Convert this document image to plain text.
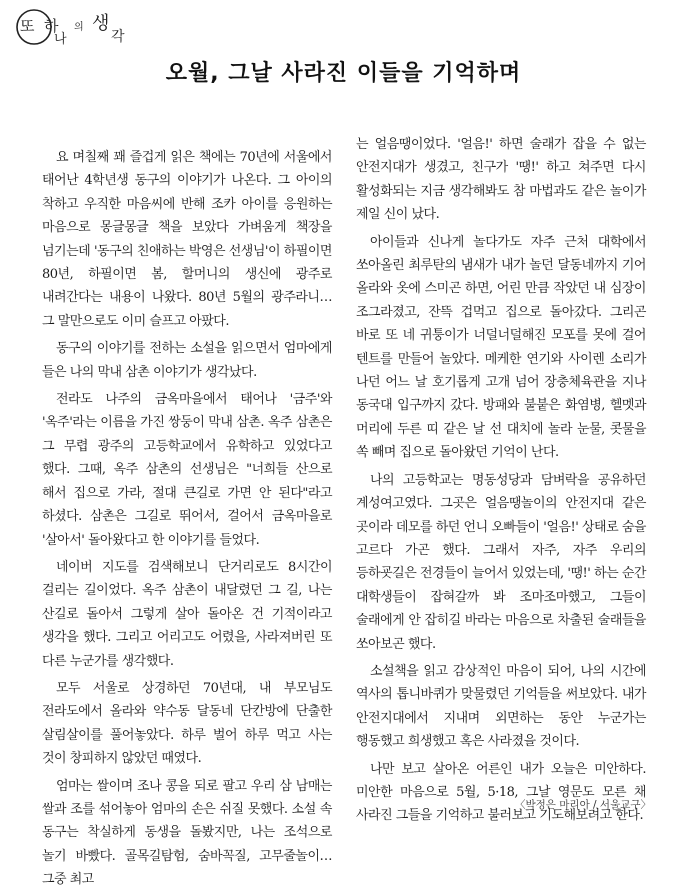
또 하
나
의 생
각
오월, 그날 사라진 이들을 기억하며

요 며칠째 꽤 즐겁게 읽은 책에는 70년에 서울에서 태어난 4학년생 동구의 이야기가 나온다. 그 아이의 착하고 우직한 마음씨에 반해 조카 아이를 응원하는 마음으로 몽글몽글 책을 보았다 가벼움게 책장을 넘기는데 '동구의 친애하는 박영은 선생님'이 하필이면 80년, 하필이면 봄, 할머니의 생신에 광주로 내려간다는 내용이 나왔다. 80년 5월의 광주라니… 그 말만으로도 이미 슬프고 아팠다.

동구의 이야기를 전하는 소설을 읽으면서 엄마에게 들은 나의 막내 삼촌 이야기가 생각났다.

전라도 나주의 금옥마을에서 태어나 '금주'와 '옥주'라는 이름을 가진 쌍둥이 막내 삼촌. 옥주 삼촌은 그 무렵 광주의 고등학교에서 유학하고 있었다고 했다. 그때, 옥주 삼촌의 선생님은 "너희들 산으로 해서 집으로 가라, 절대 큰길로 가면 안 된다"라고 하셨다. 삼촌은 그길로 뛰어서, 걸어서 금옥마을로 '살아서' 돌아왔다고 한 이야기를 들었다.

네이버 지도를 검색해보니 단거리로도 8시간이 걸리는 길이었다. 옥주 삼촌이 내달렸던 그 길, 나는 산길로 돌아서 그렇게 살아 돌아온 건 기적이라고 생각을 했다. 그리고 어리고도 어렸을, 사라져버린 또 다른 누군가를 생각했다.

모두 서울로 상경하던 70년대, 내 부모님도 전라도에서 올라와 약수동 달동네 단칸방에 단출한 살림살이를 풀어놓았다. 하루 벌어 하루 먹고 사는 것이 창피하지 않았던 때였다.

엄마는 쌀이며 조나 콩을 되로 팔고 우리 삼 남매는 쌀과 조를 섞어놓아 엄마의 손은 쉬질 못했다. 소설 속 동구는 착실하게 동생을 돌봤지만, 나는 조석으로 놀기 바빴다. 골목길탐험, 숨바꼭질, 고무줄놀이… 그중 최고

는 얼음땡이었다. '얼음!' 하면 술래가 잡을 수 없는 안전지대가 생겼고, 친구가 '땡!' 하고 쳐주면 다시 활성화되는 지금 생각해봐도 참 마법과도 같은 놀이가 제일 신이 났다.

아이들과 신나게 놀다가도 자주 근처 대학에서 쏘아올린 최루탄의 냄새가 내가 놀던 달동네까지 기어 올라와 옷에 스미곤 하면, 어린 만큼 작았던 내 심장이 조그라졌고, 잔뜩 겁먹고 집으로 돌아갔다. 그리곤 바로 또 네 귀퉁이가 너덜너덜해진 모포를 못에 걸어 텐트를 만들어 놀았다. 메케한 연기와 사이렌 소리가 나던 어느 날 호기롭게 고개 넘어 장충체육관을 지나 동국대 입구까지 갔다. 방패와 불붙은 화염병, 헬멧과 머리에 두른 띠 같은 날 선 대치에 놀라 눈물, 콧물을 쏙 빼며 집으로 돌아왔던 기억이 난다.

나의 고등학교는 명동성당과 담벼락을 공유하던 계성여고였다. 그곳은 얼음땡놀이의 안전지대 같은 곳이라 데모를 하던 언니 오빠들이 '얼음!' 상태로 숨을 고르다 가곤 했다. 그래서 자주, 자주 우리의 등하굣길은 전경들이 늘어서 있었는데, '땡!' 하는 순간 대학생들이 잡혀갈까 봐 조마조마했고, 그들이 술래에게 안 잡히길 바라는 마음으로 차출된 술래들을 쏘아보곤 했다.

소설책을 읽고 감상적인 마음이 되어, 나의 시간에 역사의 톱니바퀴가 맞물렸던 기억들을 써보았다. 내가 안전지대에서 지내며 외면하는 동안 누군가는 행동했고 희생했고 혹은 사라졌을 것이다.

나만 보고 살아온 어른인 내가 오늘은 미안하다. 미안한 마음으로 5월, 5·18, 그날 영문도 모른 채 사라진 그들을 기억하고 불러보고 기도해보려고 한다.

〈박정은 마리아 / 서울교구〉
